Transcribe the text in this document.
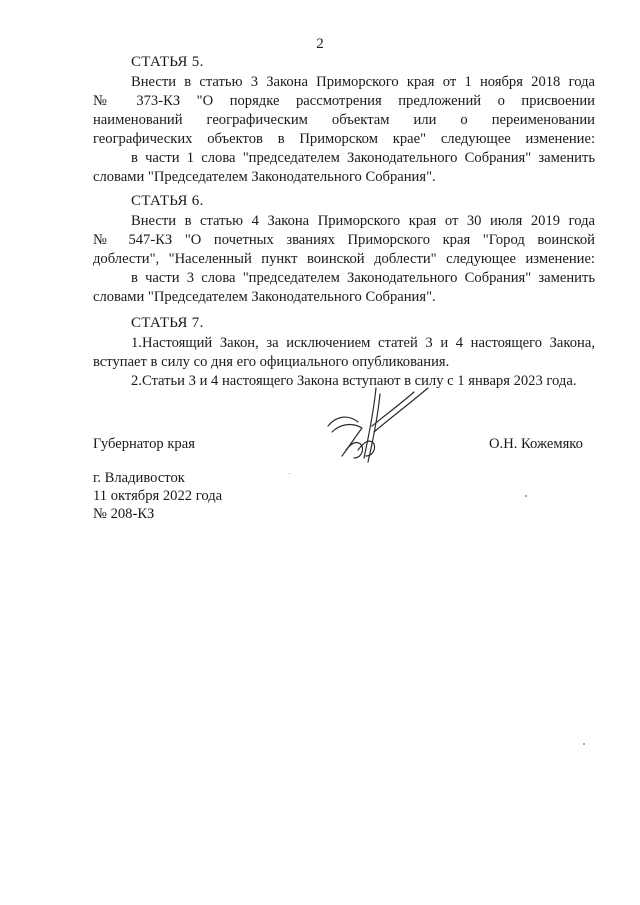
2
СТАТЬЯ 5.

Внести в статью 3 Закона Приморского края от 1 ноября 2018 года

№ 373-КЗ "О порядке рассмотрения предложений о присвоении

наименований географическим объектам или о переименовании

географических объектов в Приморском крае" следующее изменение:

в части 1 слова "председателем Законодательного Собрания" заменить

словами "Председателем Законодательного Собрания".

СТАТЬЯ 6.

Внести в статью 4 Закона Приморского края от 30 июля 2019 года

№ 547-КЗ "О почетных званиях Приморского края "Город воинской

доблести", "Населенный пункт воинской доблести" следующее изменение:

в части 3 слова "председателем Законодательного Собрания" заменить

словами "Председателем Законодательного Собрания".

СТАТЬЯ 7.

1.Настоящий Закон, за исключением статей 3 и 4 настоящего Закона,

вступает в силу со дня его официального опубликования.

2.Статьи 3 и 4 настоящего Закона вступают в силу с 1 января 2023 года.

Губернатор края	О.Н. Кожемяко
г. Владивосток
11 октября 2022 года
№ 208-КЗ
